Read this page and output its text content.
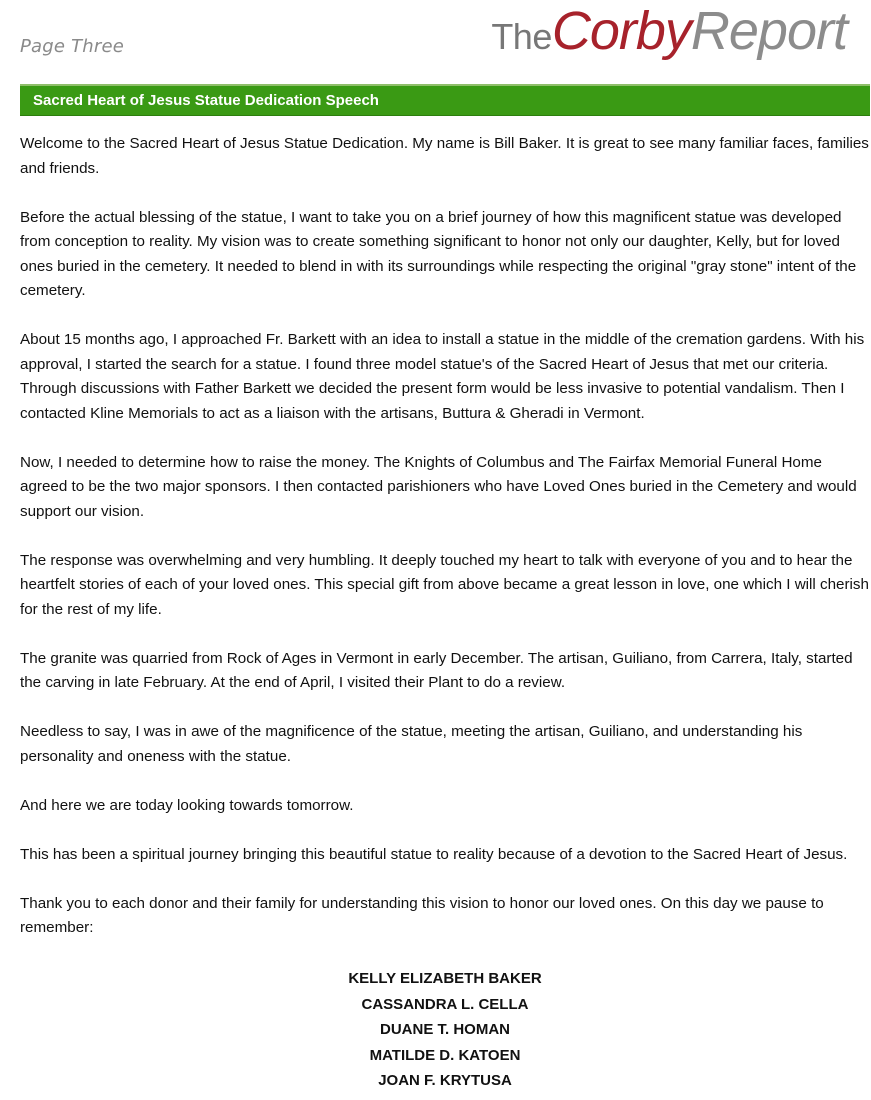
Page Three	TheCorbyReport
Sacred Heart of Jesus Statue Dedication Speech

Welcome to the Sacred Heart of Jesus Statue Dedication. My name is Bill Baker. It is great to see many familiar faces, families and friends.

Before the actual blessing of the statue, I want to take you on a brief journey of how this magnificent statue was developed from conception to reality. My vision was to create something significant to honor not only our daughter, Kelly, but for loved ones buried in the cemetery. It needed to blend in with its surroundings while respecting the original "gray stone" intent of the cemetery.

About 15 months ago, I approached Fr. Barkett with an idea to install a statue in the middle of the cremation gardens. With his approval, I started the search for a statue. I found three model statue's of the Sacred Heart of Jesus that met our criteria. Through discussions with Father Barkett we decided the present form would be less invasive to potential vandalism. Then I contacted Kline Memorials to act as a liaison with the artisans, Buttura & Gheradi in Vermont.

Now, I needed to determine how to raise the money. The Knights of Columbus and The Fairfax Memorial Funeral Home agreed to be the two major sponsors. I then contacted parishioners who have Loved Ones buried in the Cemetery and would support our vision.

The response was overwhelming and very humbling. It deeply touched my heart to talk with everyone of you and to hear the heartfelt stories of each of your loved ones. This special gift from above became a great lesson in love, one which I will cherish for the rest of my life.

The granite was quarried from Rock of Ages in Vermont in early December. The artisan, Guiliano, from Carrera, Italy, started the carving in late February. At the end of April, I visited their Plant to do a review.

Needless to say, I was in awe of the magnificence of the statue, meeting the artisan, Guiliano, and understanding his personality and oneness with the statue.

And here we are today looking towards tomorrow.

This has been a spiritual journey bringing this beautiful statue to reality because of a devotion to the Sacred Heart of Jesus.

Thank you to each donor and their family for understanding this vision to honor our loved ones. On this day we pause to remember:

KELLY ELIZABETH BAKER
CASSANDRA L. CELLA
DUANE T. HOMAN
MATILDE D. KATOEN
JOAN F. KRYTUSA
